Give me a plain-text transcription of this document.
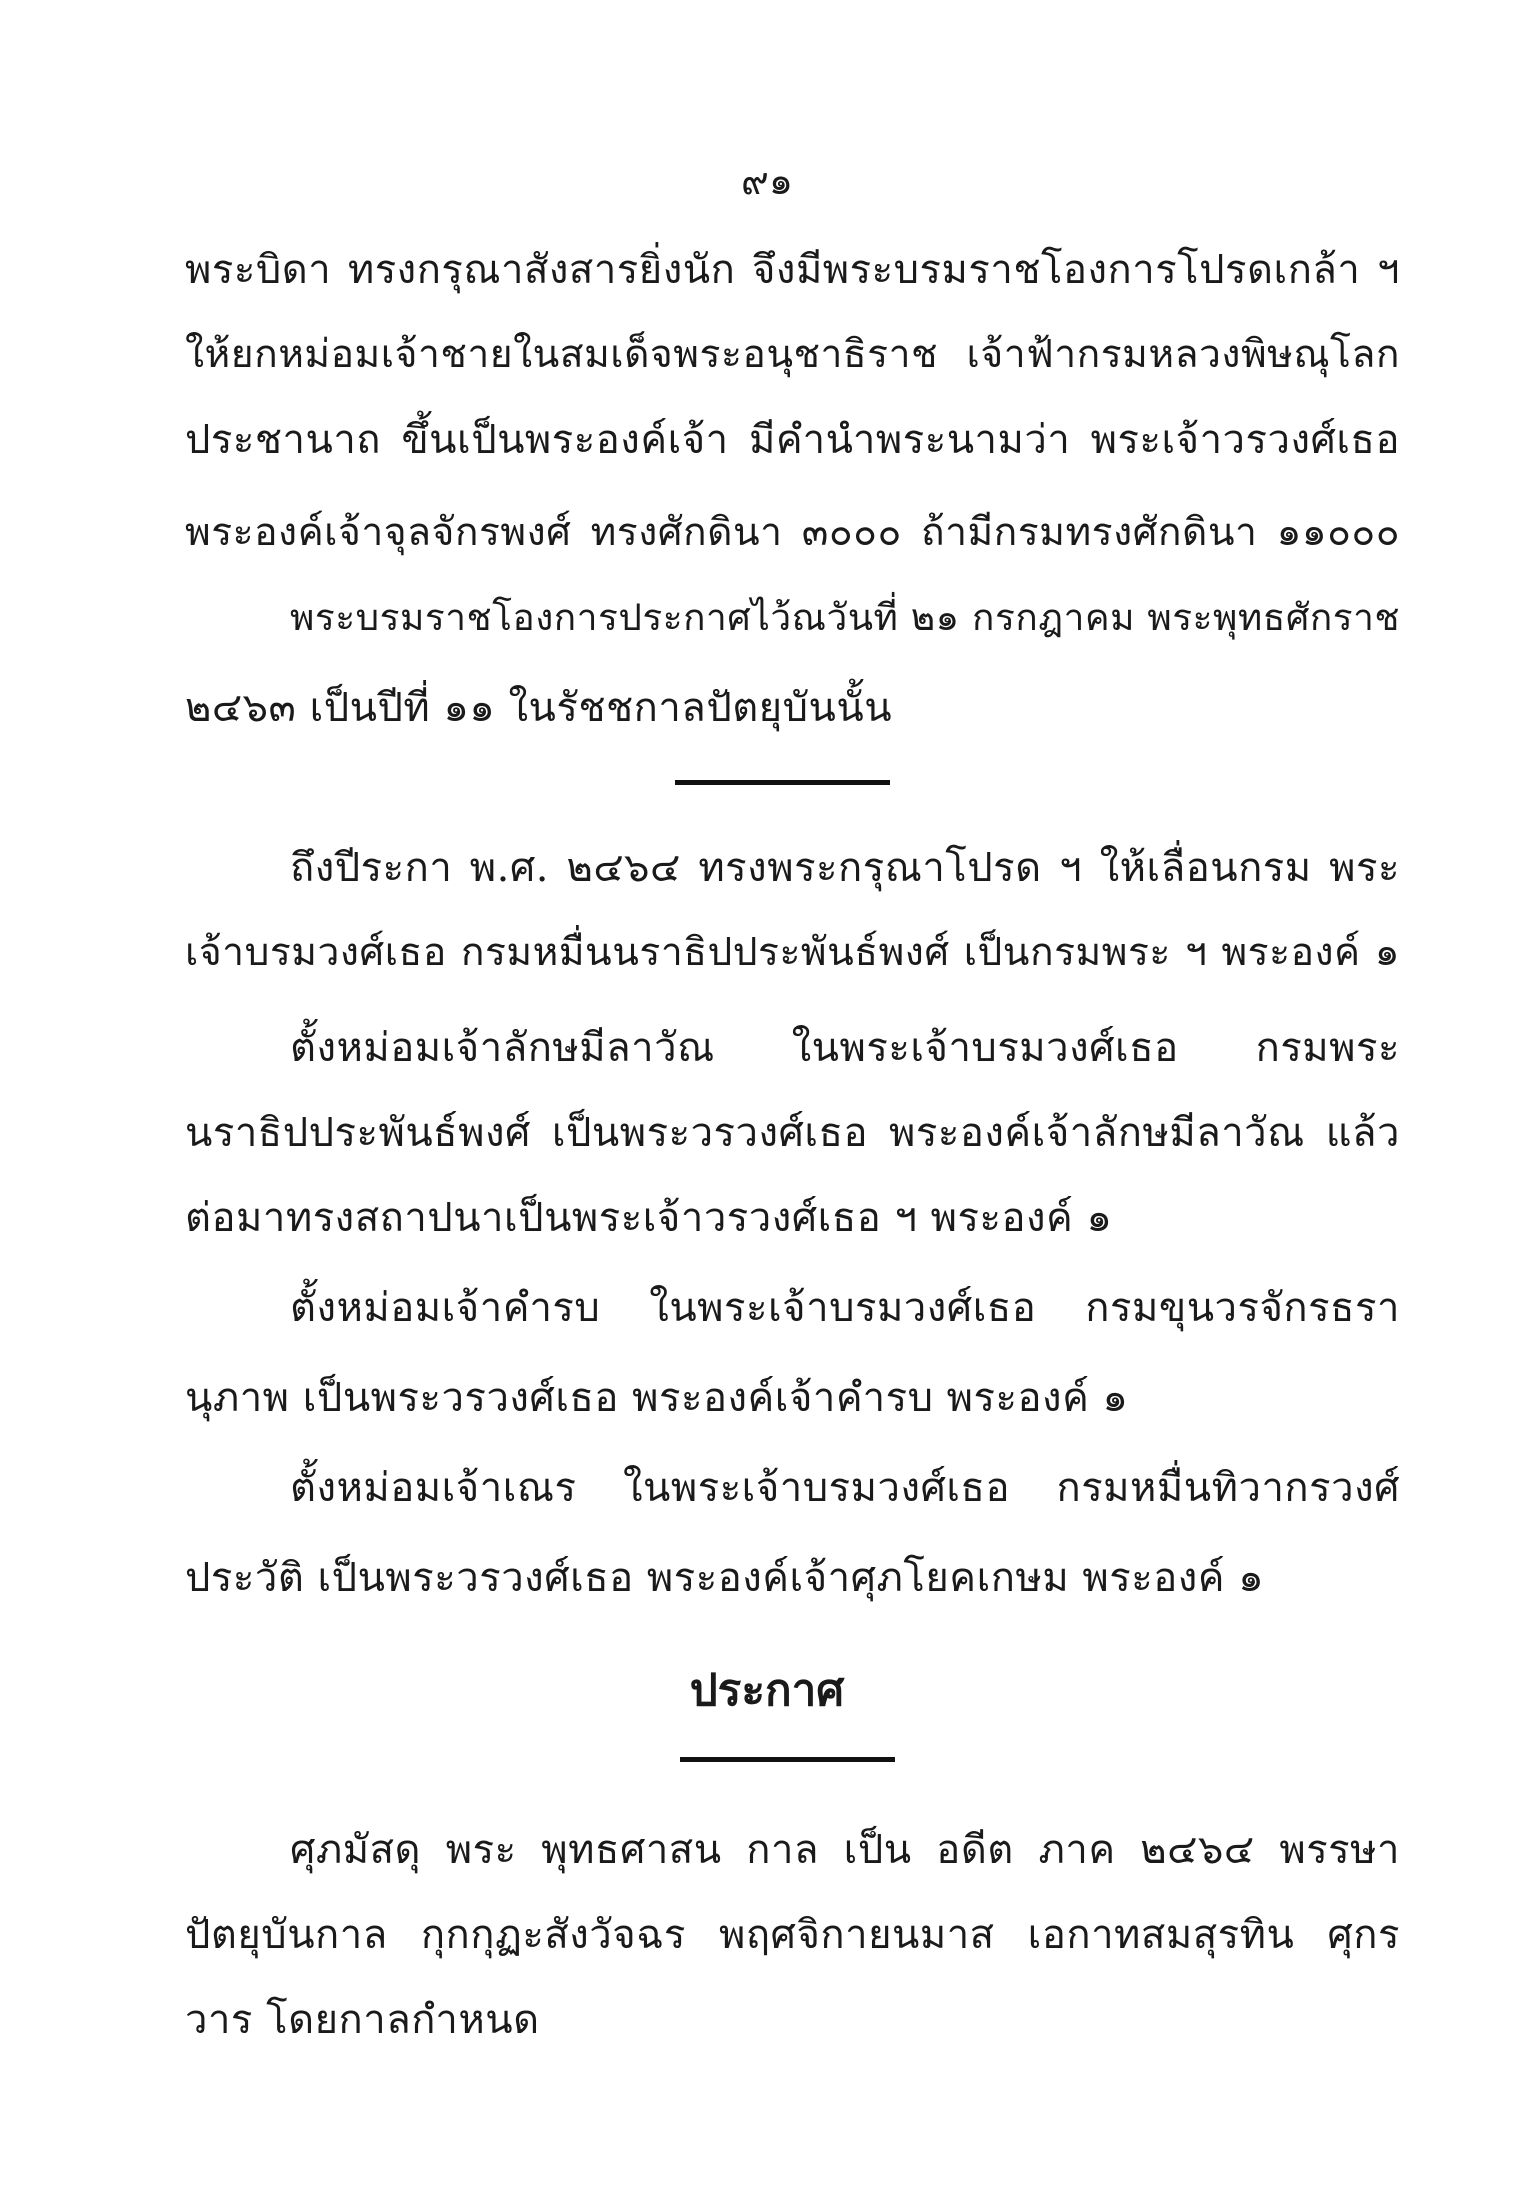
๙๑
พระบิดา ทรงกรุณาสังสารยิ่งนัก จึงมีพระบรมราชโองการโปรดเกล้า ฯ
ให้ยกหม่อมเจ้าชายในสมเด็จพระอนุชาธิราช เจ้าฟ้ากรมหลวงพิษณุโลก
ประชานาถ ขึ้นเป็นพระองค์เจ้า มีคำนำพระนามว่า พระเจ้าวรวงศ์เธอ
พระองค์เจ้าจุลจักรพงศ์ ทรงศักดินา ๓๐๐๐ ถ้ามีกรมทรงศักดินา ๑๑๐๐๐
พระบรมราชโองการประกาศไว้ณวันที่ ๒๑ กรกฎาคม พระพุทธศักราช
๒๔๖๓ เป็นปีที่ ๑๑ ในรัชชกาลปัตยุบันนั้น
ถึงปีระกา พ.ศ. ๒๔๖๔ ทรงพระกรุณาโปรด ฯ ให้เลื่อนกรม พระ
เจ้าบรมวงศ์เธอ กรมหมื่นนราธิปประพันธ์พงศ์ เป็นกรมพระ ฯ พระองค์ ๑
ตั้งหม่อมเจ้าลักษมีลาวัณ ในพระเจ้าบรมวงศ์เธอ กรมพระ
นราธิปประพันธ์พงศ์ เป็นพระวรวงศ์เธอ พระองค์เจ้าลักษมีลาวัณ แล้ว
ต่อมาทรงสถาปนาเป็นพระเจ้าวรวงศ์เธอ ฯ พระองค์ ๑
ตั้งหม่อมเจ้าคำรบ ในพระเจ้าบรมวงศ์เธอ กรมขุนวรจักรธรา
นุภาพ เป็นพระวรวงศ์เธอ พระองค์เจ้าคำรบ พระองค์ ๑
ตั้งหม่อมเจ้าเณร ในพระเจ้าบรมวงศ์เธอ กรมหมื่นทิวากรวงศ์
ประวัติ เป็นพระวรวงศ์เธอ พระองค์เจ้าศุภโยคเกษม พระองค์ ๑
ประกาศ
ศุภมัสดุ พระ พุทธศาสน กาล เป็น อดีต ภาค ๒๔๖๔ พรรษา
ปัตยุบันกาล กุกกุฏะสังวัจฉร พฤศจิกายนมาส เอกาทสมสุรทิน ศุกร
วาร โดยกาลกำหนด
